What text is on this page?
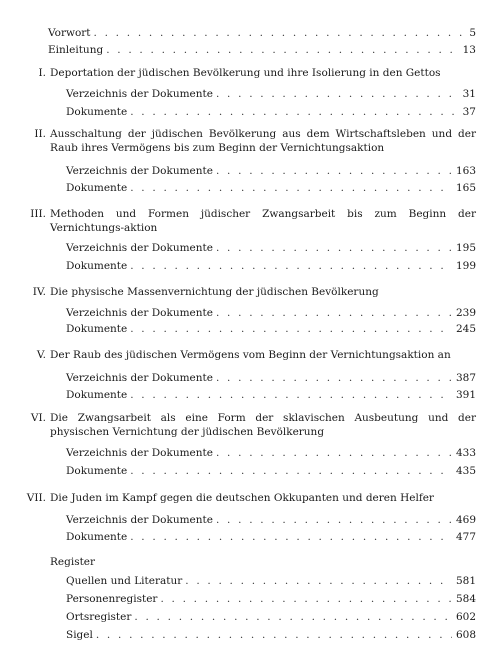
Vorwort . . .	5
Einleitung . . .	13
I. Deportation der jüdischen Bevölkerung und ihre Isolierung in den Gettos
Verzeichnis der Dokumente . . .	31
Dokumente . . .	37
II. Ausschaltung der jüdischen Bevölkerung aus dem Wirtschaftsleben und der Raub ihres Vermögens bis zum Beginn der Vernichtungsaktion
Verzeichnis der Dokumente . . .	163
Dokumente . . .	165
III. Methoden und Formen jüdischer Zwangsarbeit bis zum Beginn der Vernichtungs-aktion
Verzeichnis der Dokumente . . .	195
Dokumente . . .	199
IV. Die physische Massenvernichtung der jüdischen Bevölkerung
Verzeichnis der Dokumente . . .	239
Dokumente . . .	245
V. Der Raub des jüdischen Vermögens vom Beginn der Vernichtungsaktion an
Verzeichnis der Dokumente . . .	387
Dokumente . . .	391
VI. Die Zwangsarbeit als eine Form der sklavischen Ausbeutung und der physischen Vernichtung der jüdischen Bevölkerung
Verzeichnis der Dokumente . . .	433
Dokumente . . .	435
VII. Die Juden im Kampf gegen die deutschen Okkupanten und deren Helfer
Verzeichnis der Dokumente . . .	469
Dokumente . . .	477
Register
Quellen und Literatur . . .	581
Personenregister . . .	584
Ortsregister . . .	602
Sigel . . .	608
